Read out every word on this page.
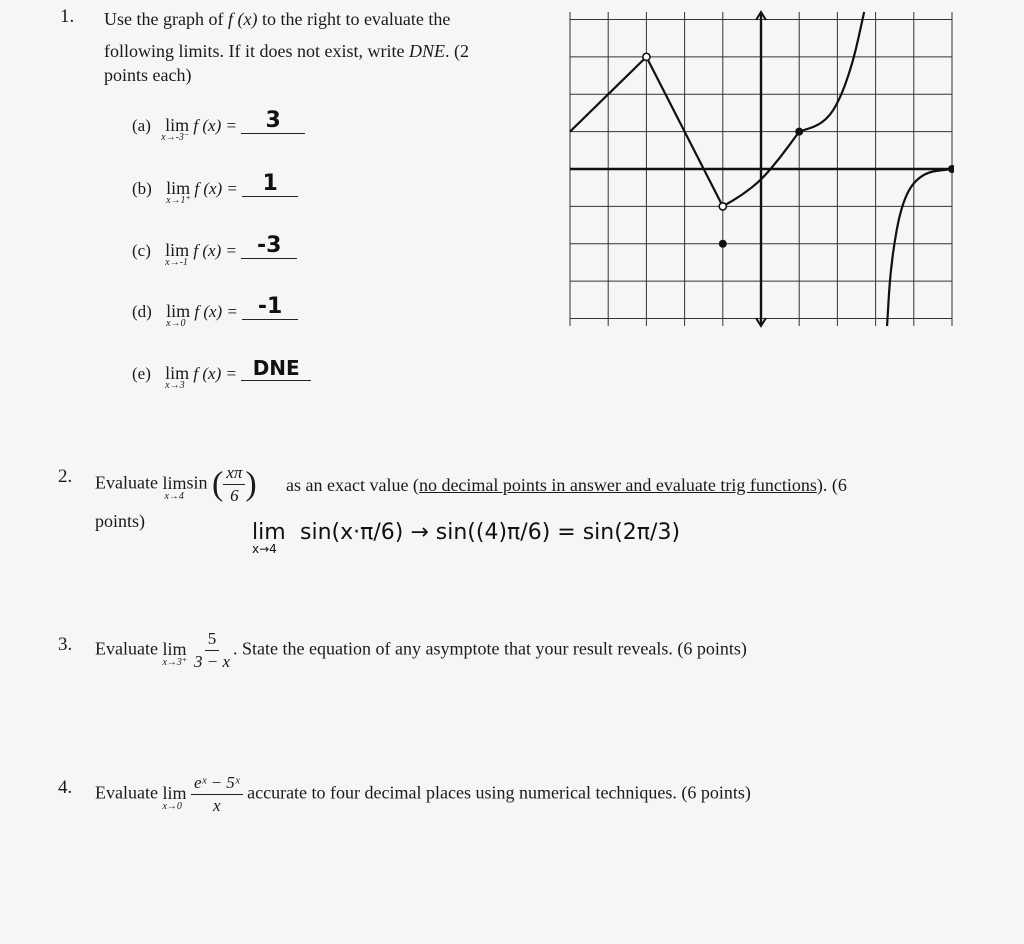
1. Use the graph of f (x) to the right to evaluate the
following limits. If it does not exist, write DNE. (2
points each)
(a) lim
x→-3⁻
f (x) = 3
(b) lim
x→1⁺
f (x) = 1
(c) lim
x→-1
f (x) = -3
(d) lim
x→0
f (x) = -1
(e) lim
x→3
f (x) = DNE
2. Evaluate lim
x→4
sin ( $\frac{x\pi}{6}$ ) as an exact value (no decimal points in answer and evaluate trig functions). (6
points)	lim
x→4
sin(x·π/6) → sin((4)π/6) = sin(2π/3)
3. Evaluate lim
x→3⁺
$\frac{5}{3 - x}$ . State the equation of any asymptote that your result reveals. (6 points)
4. Evaluate lim
x→0
$\frac{\text{eˣ − 5ˣ}}{x}$ accurate to four decimal places using numerical techniques. (6 points)
